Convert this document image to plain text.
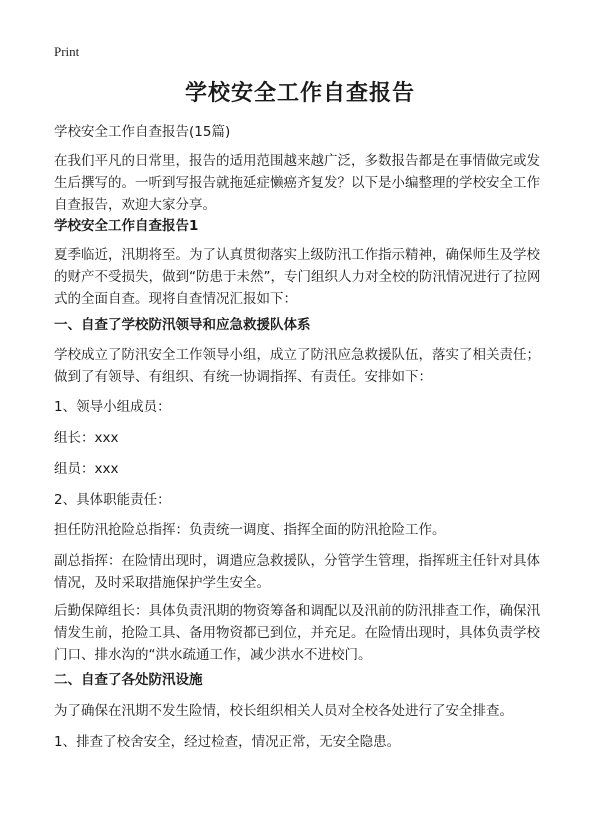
Print
学校安全工作自查报告
学校安全工作自查报告(15篇)
在我们平凡的日常里，报告的适用范围越来越广泛，多数报告都是在事情做完或发
生后撰写的。一听到写报告就拖延症懒癌齐复发？以下是小编整理的学校安全工作
自查报告，欢迎大家分享。
学校安全工作自查报告1
夏季临近，汛期将至。为了认真贯彻落实上级防汛工作指示精神，确保师生及学校
的财产不受损失，做到“防患于未然”，专门组织人力对全校的防汛情况进行了拉网
式的全面自查。现将自查情况汇报如下：
一、自查了学校防汛领导和应急救援队体系
学校成立了防汛安全工作领导小组，成立了防汛应急救援队伍，落实了相关责任；
做到了有领导、有组织、有统一协调指挥、有责任。安排如下：
1、领导小组成员：
组长：xxx
组员：xxx
2、具体职能责任：
担任防汛抢险总指挥：负责统一调度、指挥全面的防汛抢险工作。
副总指挥：在险情出现时，调遣应急救援队，分管学生管理，指挥班主任针对具体
情况，及时采取措施保护学生安全。
后勤保障组长：具体负责汛期的物资筹备和调配以及汛前的防汛排查工作，确保汛
情发生前，抢险工具、备用物资都已到位，并充足。在险情出现时，具体负责学校
门口、排水沟的“洪水疏通工作，减少洪水不进校门。
二、自查了各处防汛设施
为了确保在汛期不发生险情，校长组织相关人员对全校各处进行了安全排查。
1、排查了校舍安全，经过检查，情况正常，无安全隐患。
